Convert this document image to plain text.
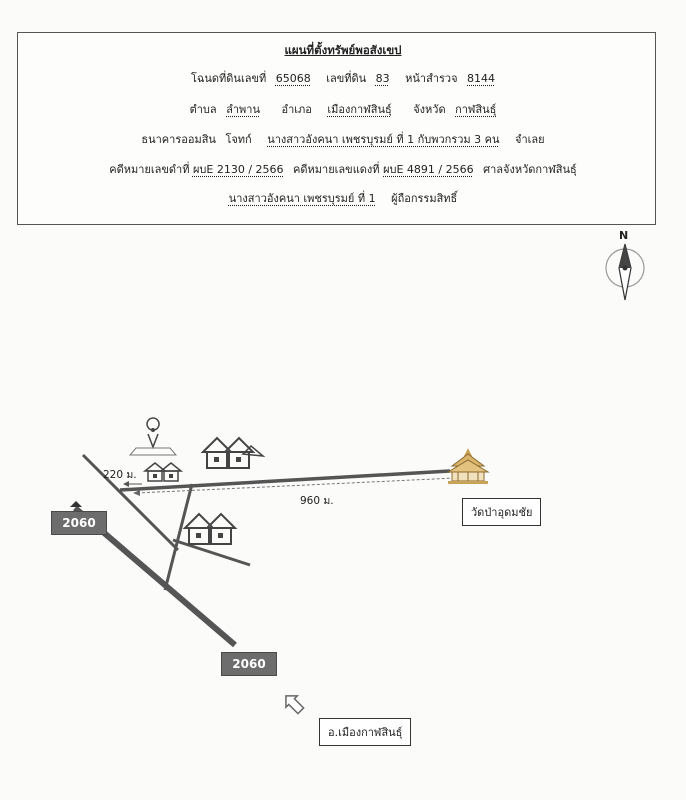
แผนที่ตั้งทรัพย์พอสังเขป
โฉนดที่ดินเลขที่ 65068 เลขที่ดิน 83 หน้าสำรวจ 8144
ตำบล ลำพาน อำเภอ เมืองกาฬสินธุ์ จังหวัด กาฬสินธุ์
ธนาคารออมสิน โจทก์ นางสาวอังคนา เพชรบุรมย์ ที่ 1 กับพวกรวม 3 คน จำเลย
คดีหมายเลขดำที่ ผบE 2130 / 2566 คดีหมายเลขแดงที่ ผบE 4891 / 2566 ศาลจังหวัดกาฬสินธุ์
นางสาวอังคนา เพชรบุรมย์ ที่ 1 ผู้ถือกรรมสิทธิ์
N
220 ม.
960 ม.
วัดป่าอุดมชัย
2060
2060
อ.เมืองกาฬสินธุ์
